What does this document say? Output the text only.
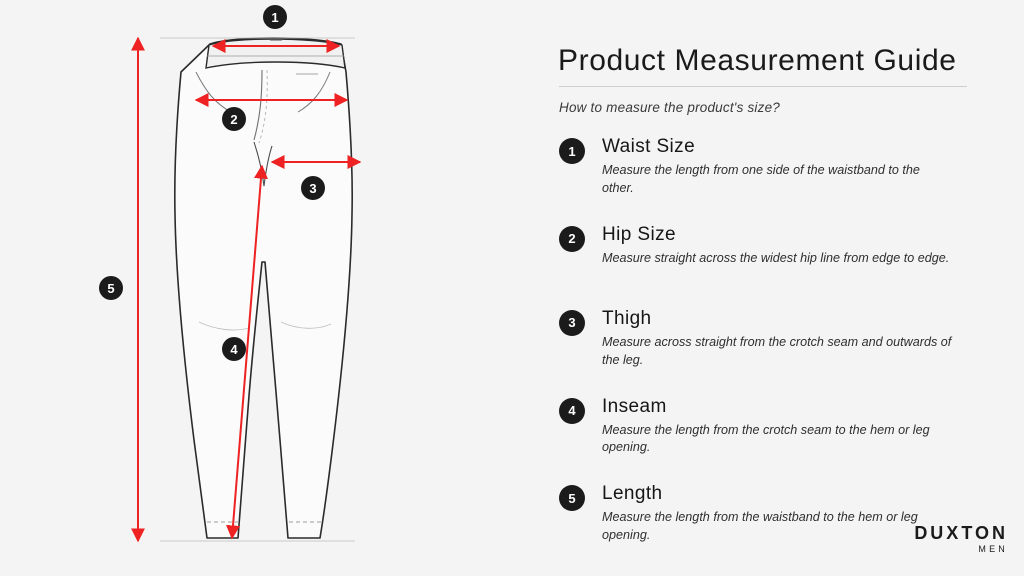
1
2
3
4
5
Product Measurement Guide
How to measure the product's size?
1	Waist Size
Measure the length from one side of the waistband to the other.
2	Hip Size
Measure straight across the widest hip line from edge to edge.
3	Thigh
Measure across straight from the crotch seam and outwards of the leg.
4	Inseam
Measure the length from the crotch seam to the hem or leg opening.
5	Length
Measure the length from the waistband to the hem or leg opening.	DUXTON
MEN
